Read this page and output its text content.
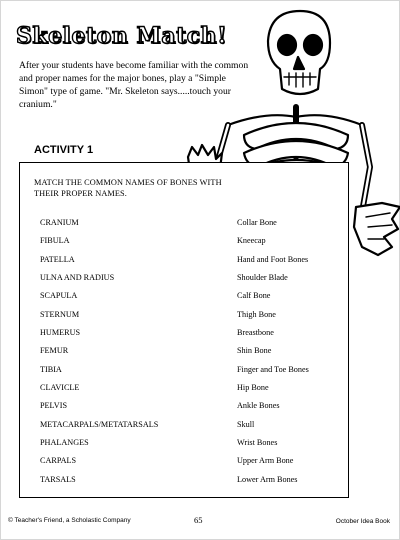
Skeleton Match!

After your students have become familiar with the common and proper names for the major bones, play a "Simple Simon" type of game. "Mr. Skeleton says.....touch your cranium."

ACTIVITY 1

MATCH THE COMMON NAMES OF BONES WITH THEIR PROPER NAMES.

CRANIUM
FIBULA
PATELLA
ULNA AND RADIUS
SCAPULA
STERNUM
HUMERUS
FEMUR
TIBIA
CLAVICLE
PELVIS
METACARPALS/METATARSALS
PHALANGES
CARPALS
TARSALS
Collar Bone
Kneecap
Hand and Foot Bones
Shoulder Blade
Calf Bone
Thigh Bone
Breastbone
Shin Bone
Finger and Toe Bones
Hip Bone
Ankle Bones
Skull
Wrist Bones
Upper Arm Bone
Lower Arm Bones
© Teacher's Friend, a Scholastic Company	65	October Idea Book
